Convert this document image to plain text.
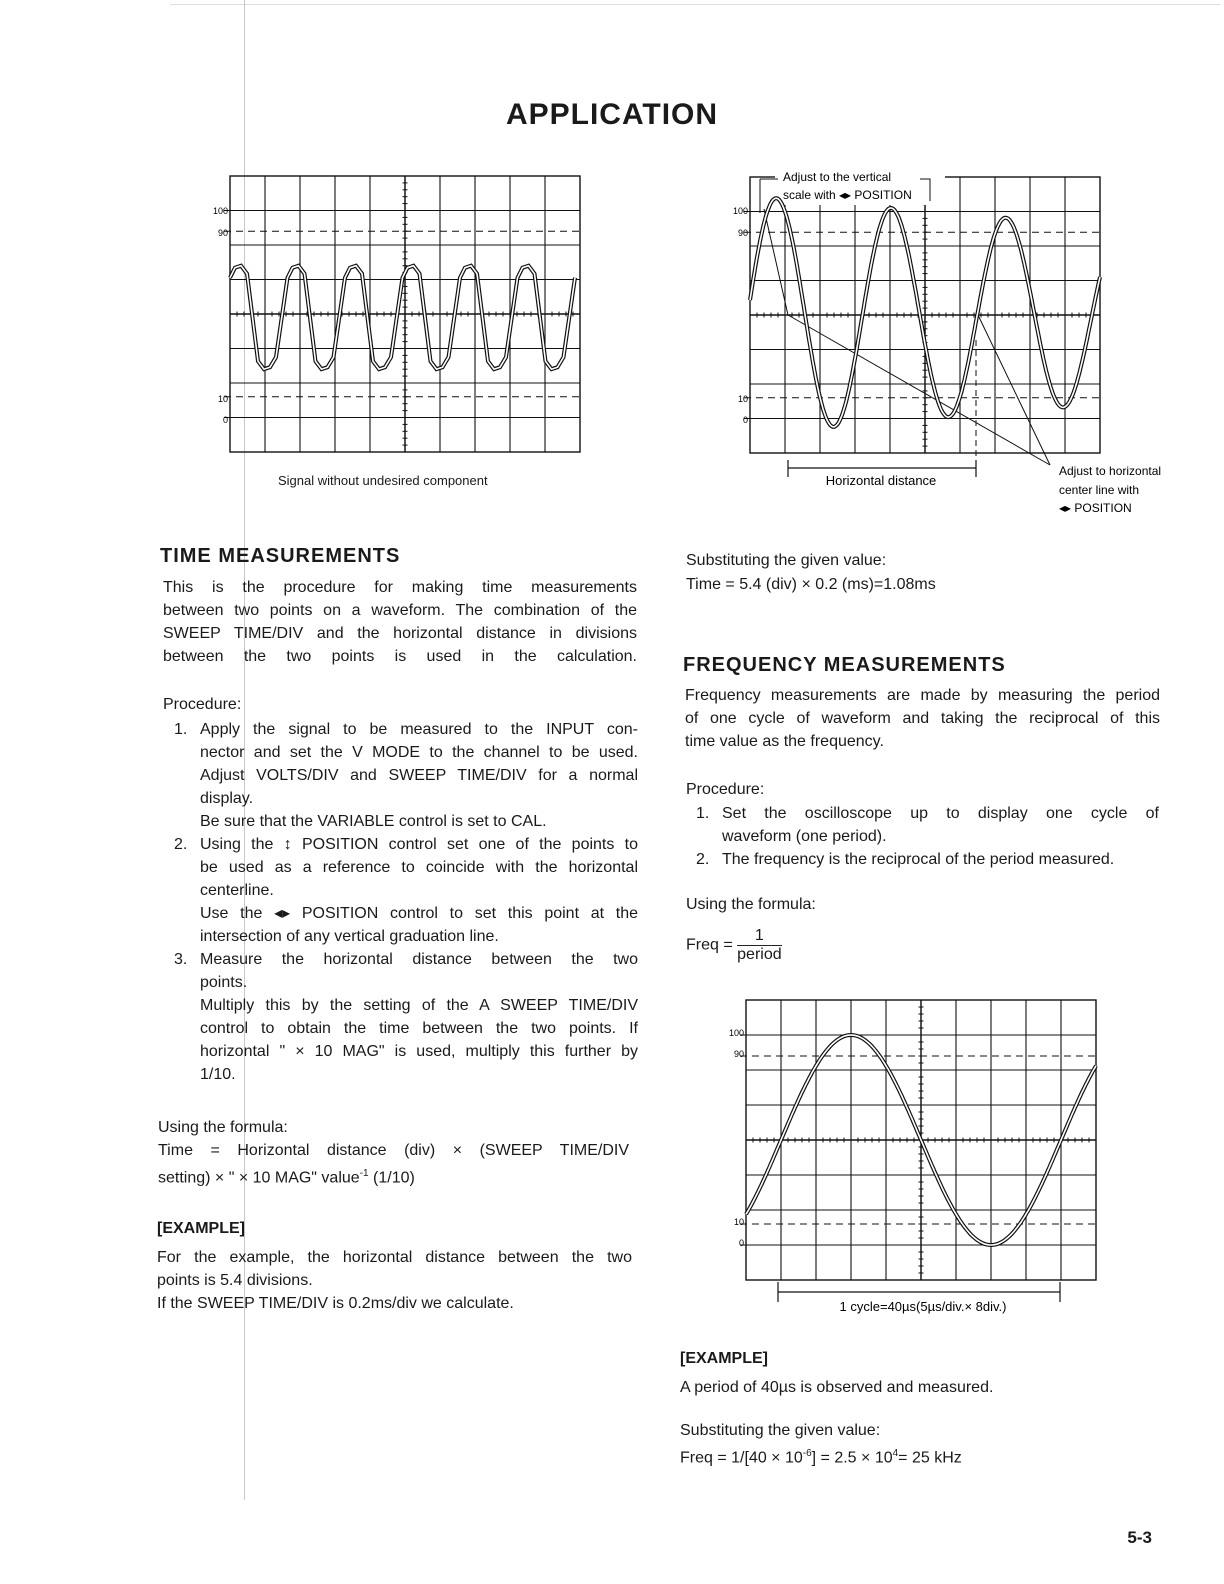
APPLICATION
100
90
10
0
Signal without undesired component
100
90
10
0
Adjust to the vertical
scale with ◂▸ POSITION
Horizontal distance
Adjust to horizontal
center line with
◂▸ POSITION
TIME MEASUREMENTS
This is the procedure for making time measurements
between two points on a waveform. The combination of the
SWEEP TIME/DIV and the horizontal distance in divisions
between the two points is used in the calculation.
Procedure:
1. Apply the signal to be measured to the INPUT con-
nector and set the V MODE to the channel to be used.
Adjust VOLTS/DIV and SWEEP TIME/DIV for a normal
display.
Be sure that the VARIABLE control is set to CAL.
2. Using the ↕ POSITION control set one of the points to
be used as a reference to coincide with the horizontal
centerline.
Use the ◂▸ POSITION control to set this point at the
intersection of any vertical graduation line.
3. Measure the horizontal distance between the two
points.
Multiply this by the setting of the A SWEEP TIME/DIV
control to obtain the time between the two points. If
horizontal " × 10 MAG" is used, multiply this further by
1/10.
Using the formula:
Time = Horizontal distance (div) × (SWEEP TIME/DIV
setting) × " × 10 MAG" value$^{-1}$ (1/10)
[EXAMPLE]
For the example, the horizontal distance between the two
points is 5.4 divisions.
If the SWEEP TIME/DIV is 0.2ms/div we calculate.
Substituting the given value:
Time = 5.4 (div) × 0.2 (ms)=1.08ms
FREQUENCY MEASUREMENTS
Frequency measurements are made by measuring the period
of one cycle of waveform and taking the reciprocal of this
time value as the frequency.
Procedure:
1. Set the oscilloscope up to display one cycle of
waveform (one period).
2. The frequency is the reciprocal of the period measured.
Using the formula:
Freq = $\frac{1}{\text{period}}$
100
90
10
0
1 cycle=40µs(5µs/div.× 8div.)
[EXAMPLE]
A period of 40µs is observed and measured.
Substituting the given value:
Freq = $1/[40 \times 10^{-6}] = 2.5 \times 10^4= 25$ kHz
5-3
